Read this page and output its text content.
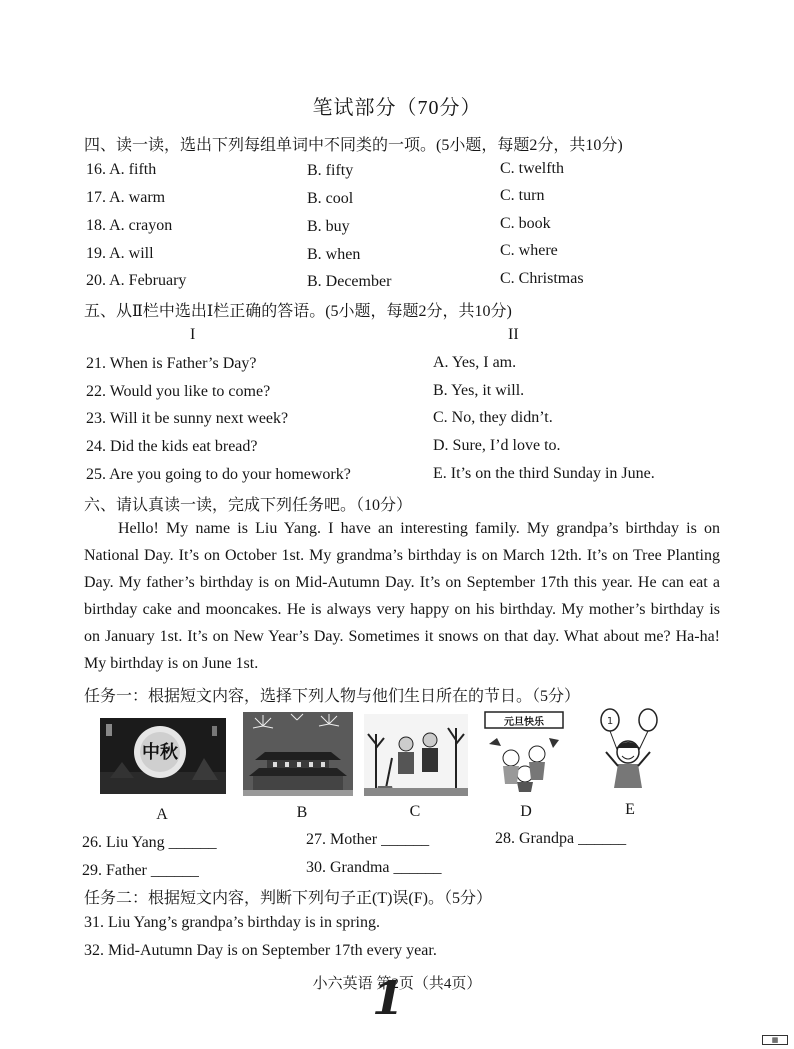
笔试部分（70分）
四、读一读，选出下列每组单词中不同类的一项。(5小题，每题2分，共10分)
16. A. fifth	B. fifty	C. twelfth
17. A. warm	B. cool	C. turn
18. A. crayon	B. buy	C. book
19. A. will	B. when	C. where
20. A. February	B. December	C. Christmas
五、从Ⅱ栏中选出Ⅰ栏正确的答语。(5小题，每题2分，共10分)
I	II
21. When is Father’s Day?	A. Yes, I am.
22. Would you like to come?	B. Yes, it will.
23. Will it be sunny next week?	C. No, they didn’t.
24. Did the kids eat bread?	D. Sure, I’d love to.
25. Are you going to do your homework?	E. It’s on the third Sunday in June.
六、请认真读一读，完成下列任务吧。（10分）

Hello! My name is Liu Yang. I have an interesting family. My grandpa’s birthday is on National Day. It’s on October 1st. My grandma’s birthday is on March 12th. It’s on Tree Planting Day. My father’s birthday is on Mid-Autumn Day. It’s on September 17th this year. He can eat a birthday cake and mooncakes. He is always very happy on his birthday. My mother’s birthday is on January 1st. It’s on New Year’s Day. Sometimes it snows on that day. What about me? Ha-ha! My birthday is on June 1st.

任务一：根据短文内容，选择下列人物与他们生日所在的节日。（5分）
中秋
元旦快乐	1
A	B	C	D	E
26. Liu Yang ______	27. Mother ______	28. Grandpa ______
29. Father ______	30. Grandma ______
任务二：根据短文内容，判断下列句子正(T)误(F)。（5分）
31. Liu Yang’s grandpa’s birthday is in spring.
32. Mid-Autumn Day is on September 17th every year.
小六英语 第2页（共4页）
1
▦
